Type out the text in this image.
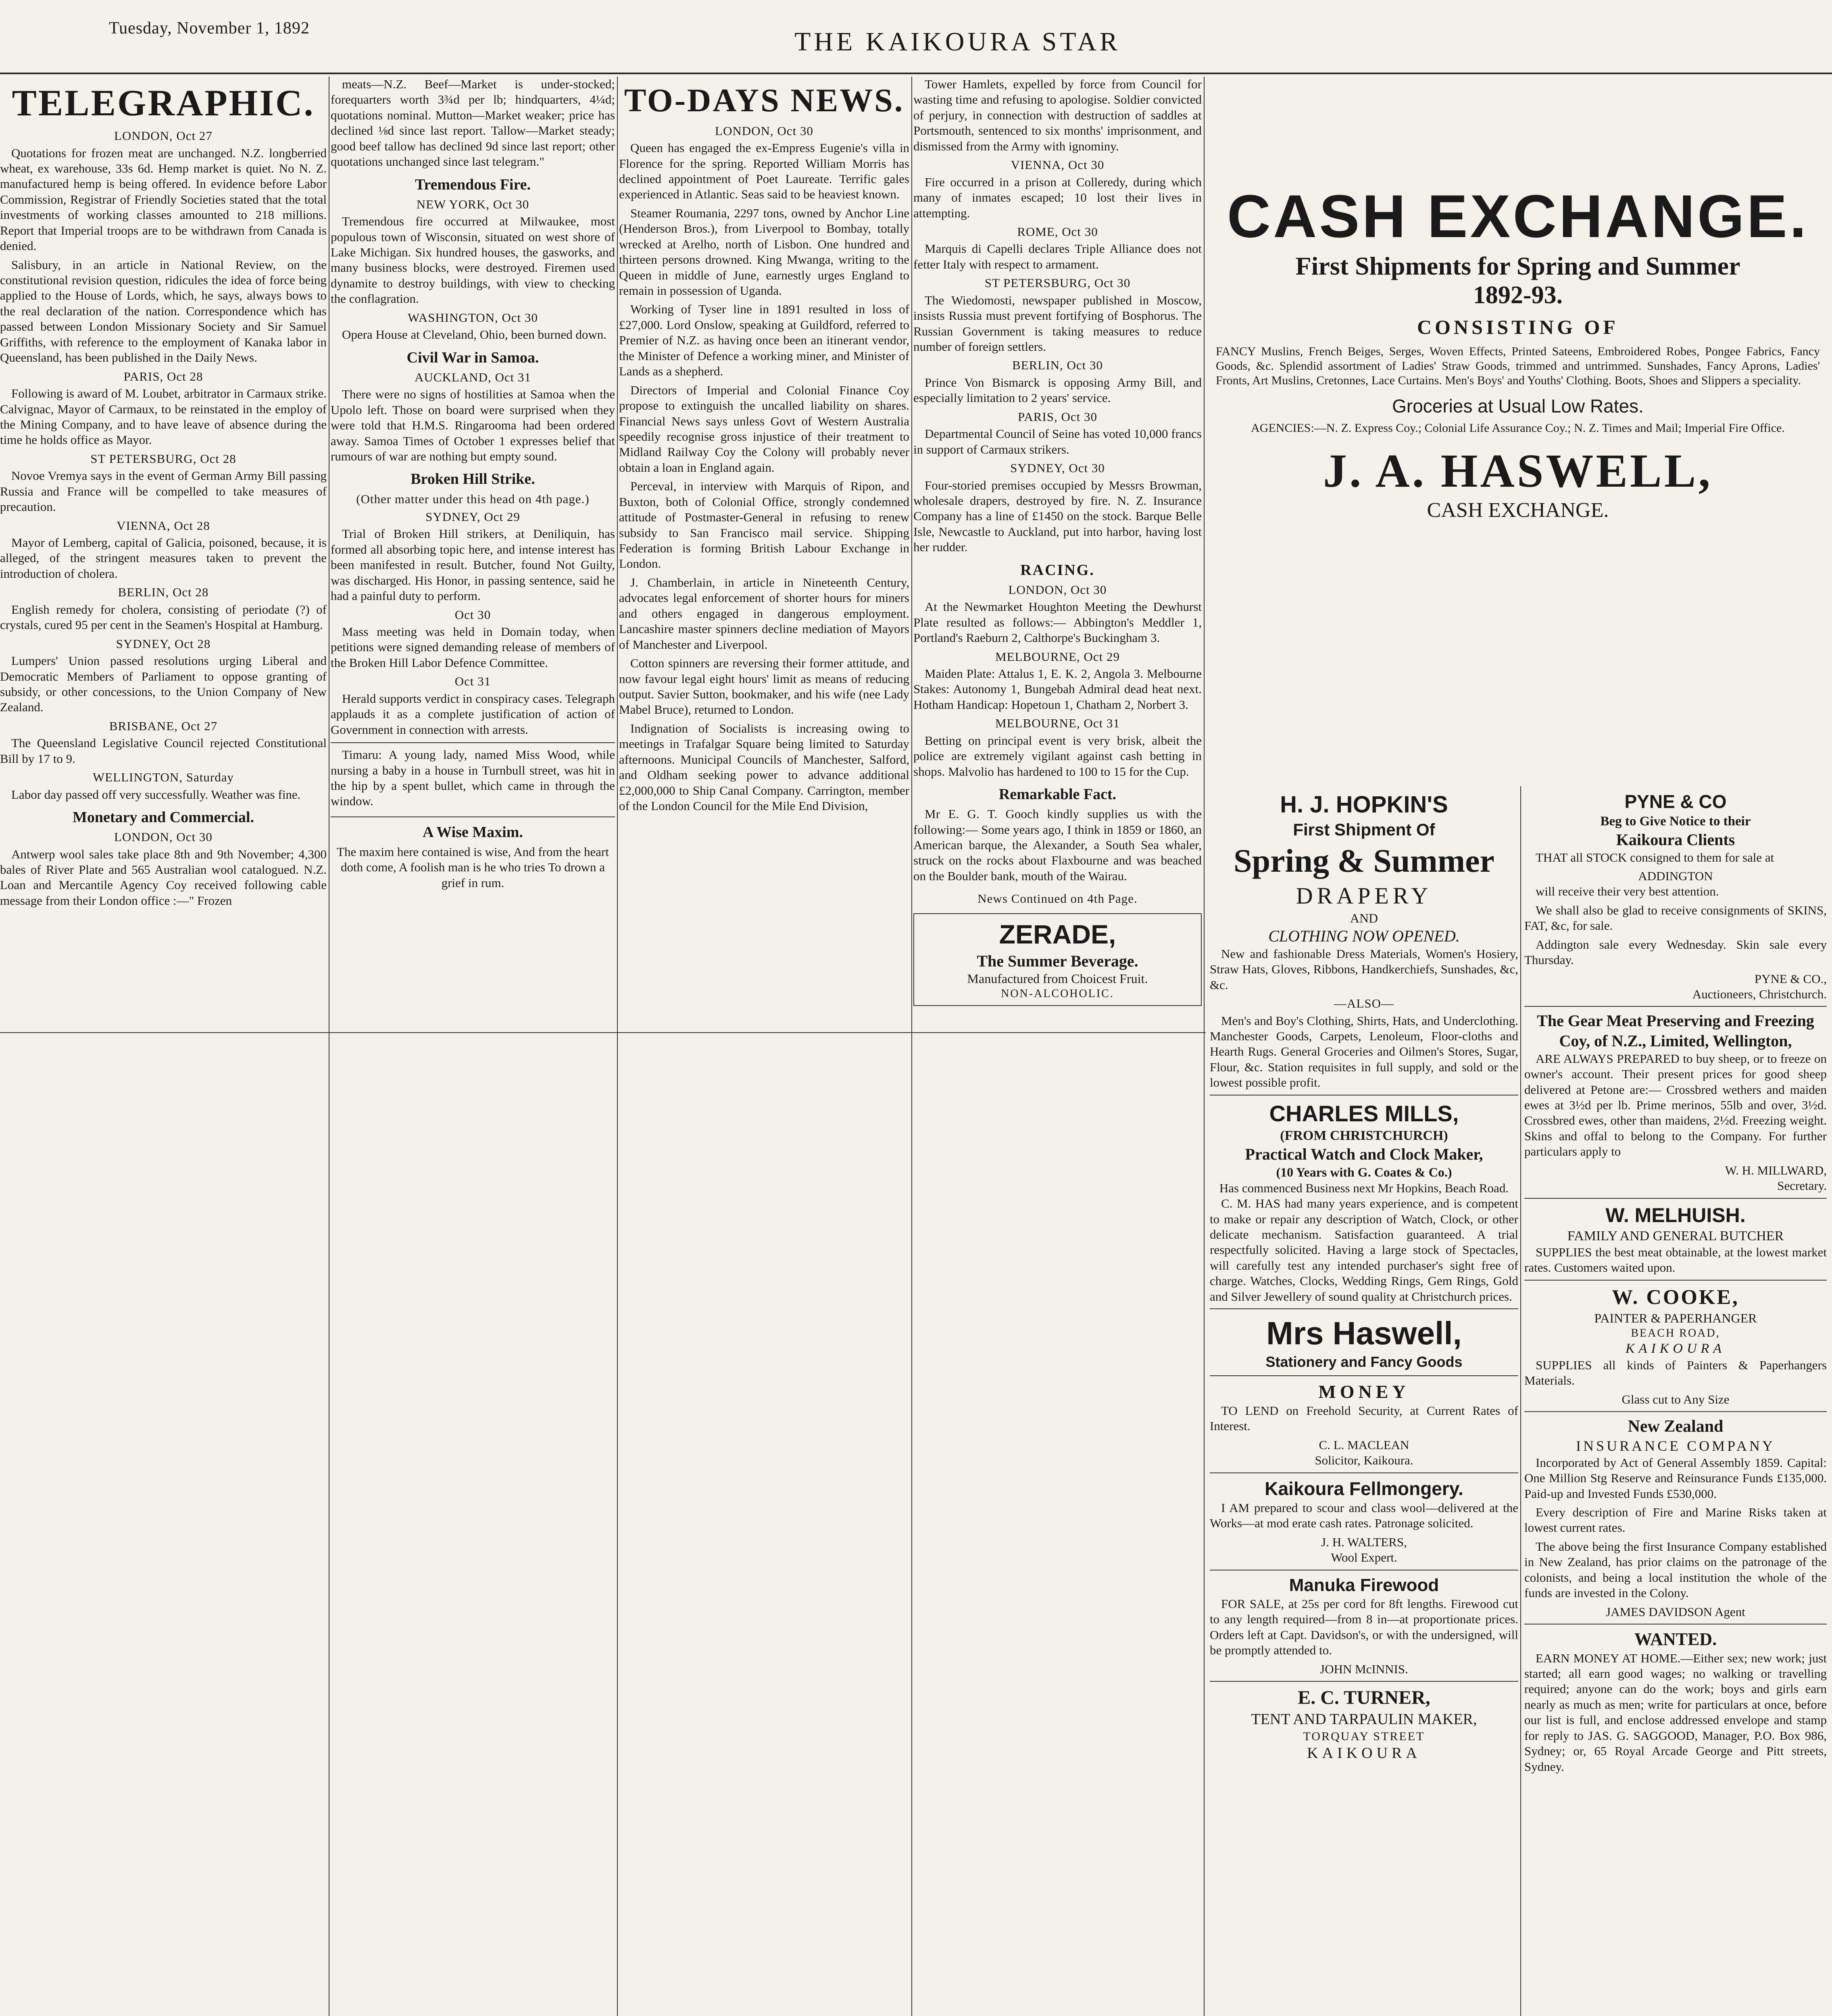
Tuesday, November 1, 1892	THE KAIKOURA STAR
TELEGRAPHIC.
LONDON, Oct 27

Quotations for frozen meat are unchanged. N.Z. longberried wheat, ex warehouse, 33s 6d. Hemp market is quiet. No N. Z. manufactured hemp is being offered. In evidence before Labor Commission, Registrar of Friendly Societies stated that the total investments of working classes amounted to 218 millions. Report that Imperial troops are to be withdrawn from Canada is denied.

Salisbury, in an article in National Review, on the constitutional revision question, ridicules the idea of force being applied to the House of Lords, which, he says, always bows to the real declaration of the nation. Correspondence which has passed between London Missionary Society and Sir Samuel Griffiths, with reference to the employment of Kanaka labor in Queensland, has been published in the Daily News.

PARIS, Oct 28

Following is award of M. Loubet, arbitrator in Carmaux strike. Calvignac, Mayor of Carmaux, to be reinstated in the employ of the Mining Company, and to have leave of absence during the time he holds office as Mayor.

ST PETERSBURG, Oct 28

Novoe Vremya says in the event of German Army Bill passing Russia and France will be compelled to take measures of precaution.

VIENNA, Oct 28

Mayor of Lemberg, capital of Galicia, poisoned, because, it is alleged, of the stringent measures taken to prevent the introduction of cholera.

BERLIN, Oct 28

English remedy for cholera, consisting of periodate (?) of crystals, cured 95 per cent in the Seamen's Hospital at Hamburg.

SYDNEY, Oct 28

Lumpers' Union passed resolutions urging Liberal and Democratic Members of Parliament to oppose granting of subsidy, or other concessions, to the Union Company of New Zealand.

BRISBANE, Oct 27

The Queensland Legislative Council rejected Constitutional Bill by 17 to 9.

WELLINGTON, Saturday

Labor day passed off very successfully. Weather was fine.

Monetary and Commercial.
LONDON, Oct 30

Antwerp wool sales take place 8th and 9th November; 4,300 bales of River Plate and 565 Australian wool catalogued. N.Z. Loan and Mercantile Agency Coy received following cable message from their London office :—" Frozen

meats—N.Z. Beef—Market is under-stocked; forequarters worth 3¾d per lb; hindquarters, 4¼d; quotations nominal. Mutton—Market weaker; price has declined ⅛d since last report. Tallow—Market steady; good beef tallow has declined 9d since last report; other quotations unchanged since last telegram."

Tremendous Fire.
NEW YORK, Oct 30

Tremendous fire occurred at Milwaukee, most populous town of Wisconsin, situated on west shore of Lake Michigan. Six hundred houses, the gasworks, and many business blocks, were destroyed. Firemen used dynamite to destroy buildings, with view to checking the conflagration.

WASHINGTON, Oct 30

Opera House at Cleveland, Ohio, been burned down.

Civil War in Samoa.
AUCKLAND, Oct 31

There were no signs of hostilities at Samoa when the Upolo left. Those on board were surprised when they were told that H.M.S. Ringarooma had been ordered away. Samoa Times of October 1 expresses belief that rumours of war are nothing but empty sound.

Broken Hill Strike.
(Other matter under this head on 4th page.)
SYDNEY, Oct 29

Trial of Broken Hill strikers, at Deniliquin, has formed all absorbing topic here, and intense interest has been manifested in result. Butcher, found Not Guilty, was discharged. His Honor, in passing sentence, said he had a painful duty to perform.

Oct 30

Mass meeting was held in Domain today, when petitions were signed demanding release of members of the Broken Hill Labor Defence Committee.

Oct 31

Herald supports verdict in conspiracy cases. Telegraph applauds it as a complete justification of action of Government in connection with arrests.

Timaru: A young lady, named Miss Wood, while nursing a baby in a house in Turnbull street, was hit in the hip by a spent bullet, which came in through the window.

A Wise Maxim.

The maxim here contained is wise, And from the heart doth come, A foolish man is he who tries To drown a grief in rum.

TO-DAYS NEWS.
LONDON, Oct 30

Queen has engaged the ex-Empress Eugenie's villa in Florence for the spring. Reported William Morris has declined appointment of Poet Laureate. Terrific gales experienced in Atlantic. Seas said to be heaviest known.

Steamer Roumania, 2297 tons, owned by Anchor Line (Henderson Bros.), from Liverpool to Bombay, totally wrecked at Arelho, north of Lisbon. One hundred and thirteen persons drowned. King Mwanga, writing to the Queen in middle of June, earnestly urges England to remain in possession of Uganda.

Working of Tyser line in 1891 resulted in loss of £27,000. Lord Onslow, speaking at Guildford, referred to Premier of N.Z. as having once been an itinerant vendor, the Minister of Defence a working miner, and Minister of Lands as a shepherd.

Directors of Imperial and Colonial Finance Coy propose to extinguish the uncalled liability on shares. Financial News says unless Govt of Western Australia speedily recognise gross injustice of their treatment to Midland Railway Coy the Colony will probably never obtain a loan in England again.

Perceval, in interview with Marquis of Ripon, and Buxton, both of Colonial Office, strongly condemned attitude of Postmaster-General in refusing to renew subsidy to San Francisco mail service. Shipping Federation is forming British Labour Exchange in London.

J. Chamberlain, in article in Nineteenth Century, advocates legal enforcement of shorter hours for miners and others engaged in dangerous employment. Lancashire master spinners decline mediation of Mayors of Manchester and Liverpool.

Cotton spinners are reversing their former attitude, and now favour legal eight hours' limit as means of reducing output. Savier Sutton, bookmaker, and his wife (nee Lady Mabel Bruce), returned to London.

Indignation of Socialists is increasing owing to meetings in Trafalgar Square being limited to Saturday afternoons. Municipal Councils of Manchester, Salford, and Oldham seeking power to advance additional £2,000,000 to Ship Canal Company. Carrington, member of the London Council for the Mile End Division,

Tower Hamlets, expelled by force from Council for wasting time and refusing to apologise. Soldier convicted of perjury, in connection with destruction of saddles at Portsmouth, sentenced to six months' imprisonment, and dismissed from the Army with ignominy.

VIENNA, Oct 30

Fire occurred in a prison at Colleredy, during which many of inmates escaped; 10 lost their lives in attempting.

ROME, Oct 30

Marquis di Capelli declares Triple Alliance does not fetter Italy with respect to armament.

ST PETERSBURG, Oct 30

The Wiedomosti, newspaper published in Moscow, insists Russia must prevent fortifying of Bosphorus. The Russian Government is taking measures to reduce number of foreign settlers.

BERLIN, Oct 30

Prince Von Bismarck is opposing Army Bill, and especially limitation to 2 years' service.

PARIS, Oct 30

Departmental Council of Seine has voted 10,000 francs in support of Carmaux strikers.

SYDNEY, Oct 30

Four-storied premises occupied by Messrs Browman, wholesale drapers, destroyed by fire. N. Z. Insurance Company has a line of £1450 on the stock. Barque Belle Isle, Newcastle to Auckland, put into harbor, having lost her rudder.

RACING.
LONDON, Oct 30

At the Newmarket Houghton Meeting the Dewhurst Plate resulted as follows:— Abbington's Meddler 1, Portland's Raeburn 2, Calthorpe's Buckingham 3.

MELBOURNE, Oct 29

Maiden Plate: Attalus 1, E. K. 2, Angola 3. Melbourne Stakes: Autonomy 1, Bungebah Admiral dead heat next. Hotham Handicap: Hopetoun 1, Chatham 2, Norbert 3.

MELBOURNE, Oct 31

Betting on principal event is very brisk, albeit the police are extremely vigilant against cash betting in shops. Malvolio has hardened to 100 to 15 for the Cup.

Remarkable Fact.

Mr E. G. T. Gooch kindly supplies us with the following:— Some years ago, I think in 1859 or 1860, an American barque, the Alexander, a South Sea whaler, struck on the rocks about Flaxbourne and was beached on the Boulder bank, mouth of the Wairau.

News Continued on 4th Page.
ZERADE,
The Summer Beverage.
Manufactured from Choicest Fruit.
NON-ALCOHOLIC.
CASH EXCHANGE.
First Shipments for Spring and Summer
1892-93.
CONSISTING OF
FANCY Muslins, French Beiges, Serges, Woven Effects, Printed Sateens, Embroidered Robes, Pongee Fabrics, Fancy Goods, &c. Splendid assortment of Ladies' Straw Goods, trimmed and untrimmed. Sunshades, Fancy Aprons, Ladies' Fronts, Art Muslins, Cretonnes, Lace Curtains. Men's Boys' and Youths' Clothing. Boots, Shoes and Slippers a speciality.
Groceries at Usual Low Rates.
AGENCIES:—N. Z. Express Coy.; Colonial Life Assurance Coy.; N. Z. Times and Mail; Imperial Fire Office.
J. A. HASWELL,
CASH EXCHANGE.
H. J. HOPKIN'S
First Shipment Of
Spring & Summer
DRAPERY
AND
CLOTHING NOW OPENED.

New and fashionable Dress Materials, Women's Hosiery, Straw Hats, Gloves, Ribbons, Handkerchiefs, Sunshades, &c, &c.

—ALSO—

Men's and Boy's Clothing, Shirts, Hats, and Underclothing. Manchester Goods, Carpets, Lenoleum, Floor-cloths and Hearth Rugs. General Groceries and Oilmen's Stores, Sugar, Flour, &c. Station requisites in full supply, and sold or the lowest possible profit.

CHARLES MILLS,
(FROM CHRISTCHURCH)
Practical Watch and Clock Maker,
(10 Years with G. Coates & Co.)
Has commenced Business next Mr Hopkins, Beach Road.

C. M. HAS had many years experience, and is competent to make or repair any description of Watch, Clock, or other delicate mechanism. Satisfaction guaranteed. A trial respectfully solicited. Having a large stock of Spectacles, will carefully test any intended purchaser's sight free of charge. Watches, Clocks, Wedding Rings, Gem Rings, Gold and Silver Jewellery of sound quality at Christchurch prices.

Mrs Haswell,
Stationery and Fancy Goods
MONEY

TO LEND on Freehold Security, at Current Rates of Interest.

C. L. MACLEAN
Solicitor, Kaikoura.
Kaikoura Fellmongery.

I AM prepared to scour and class wool—delivered at the Works—at mod erate cash rates. Patronage solicited.

J. H. WALTERS,
Wool Expert.
Manuka Firewood

FOR SALE, at 25s per cord for 8ft lengths. Firewood cut to any length required—from 8 in—at proportionate prices. Orders left at Capt. Davidson's, or with the undersigned, will be promptly attended to.

JOHN McINNIS.
E. C. TURNER,
TENT AND TARPAULIN MAKER,
TORQUAY STREET
KAIKOURA
PYNE & CO
Beg to Give Notice to their
Kaikoura Clients

THAT all STOCK consigned to them for sale at

ADDINGTON

will receive their very best attention.

We shall also be glad to receive consignments of SKINS, FAT, &c, for sale.

Addington sale every Wednesday. Skin sale every Thursday.

PYNE & CO.,
Auctioneers, Christchurch.
The Gear Meat Preserving and Freezing Coy, of N.Z., Limited, Wellington,

ARE ALWAYS PREPARED to buy sheep, or to freeze on owner's account. Their present prices for good sheep delivered at Petone are:— Crossbred wethers and maiden ewes at 3½d per lb. Prime merinos, 55lb and over, 3½d. Crossbred ewes, other than maidens, 2½d. Freezing weight. Skins and offal to belong to the Company. For further particulars apply to

W. H. MILLWARD,
Secretary.
W. MELHUISH.
FAMILY AND GENERAL BUTCHER

SUPPLIES the best meat obtainable, at the lowest market rates. Customers waited upon.

W. COOKE,
PAINTER & PAPERHANGER
BEACH ROAD,
KAIKOURA

SUPPLIES all kinds of Painters & Paperhangers Materials.

Glass cut to Any Size
New Zealand
INSURANCE COMPANY

Incorporated by Act of General Assembly 1859. Capital: One Million Stg Reserve and Reinsurance Funds £135,000. Paid-up and Invested Funds £530,000.

Every description of Fire and Marine Risks taken at lowest current rates.

The above being the first Insurance Company established in New Zealand, has prior claims on the patronage of the colonists, and being a local institution the whole of the funds are invested in the Colony.

JAMES DAVIDSON Agent
WANTED.

EARN MONEY AT HOME.—Either sex; new work; just started; all earn good wages; no walking or travelling required; anyone can do the work; boys and girls earn nearly as much as men; write for particulars at once, before our list is full, and enclose addressed envelope and stamp for reply to JAS. G. SAGGOOD, Manager, P.O. Box 986, Sydney; or, 65 Royal Arcade George and Pitt streets, Sydney.
